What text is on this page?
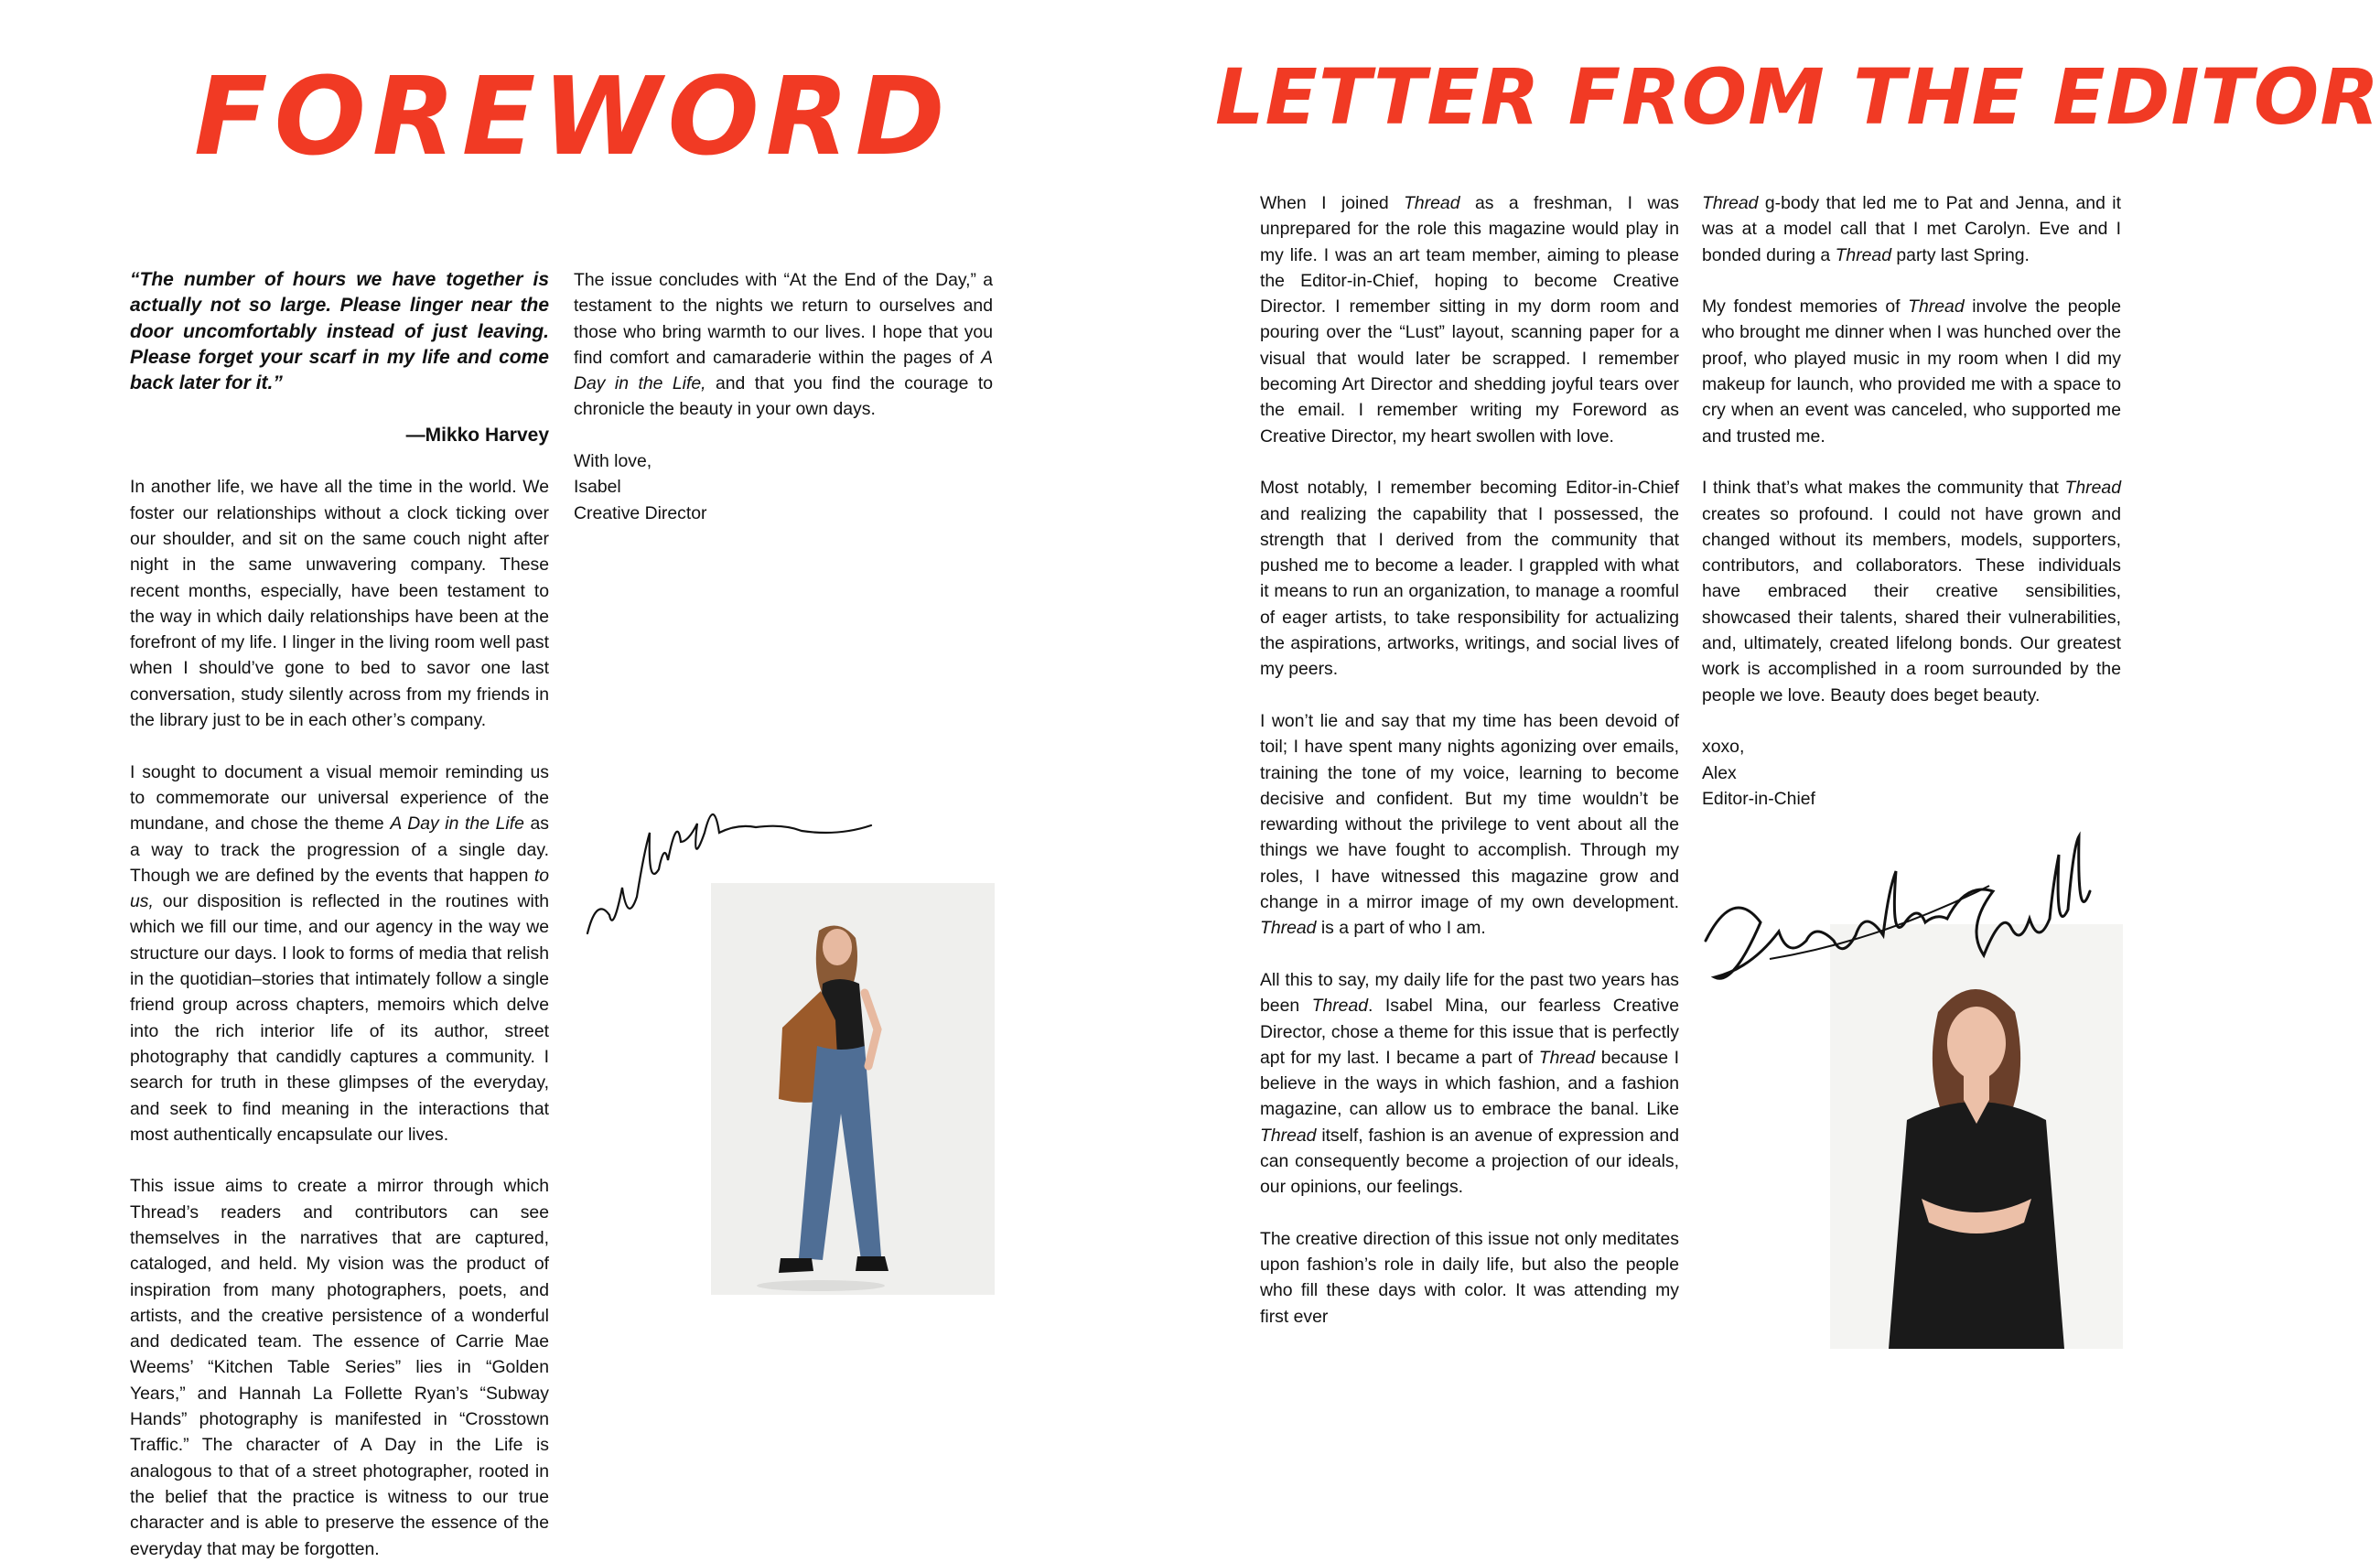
FOREWORD

“The number of hours we have together is actually not so large. Please linger near the door uncomfortably instead of just leaving. Please forget your scarf in my life and come back later for it.”

—Mikko Harvey

In another life, we have all the time in the world. We foster our relationships without a clock ticking over our shoulder, and sit on the same couch night after night in the same unwavering company. These recent months, especially, have been testament to the way in which daily relationships have been at the forefront of my life. I linger in the living room well past when I should’ve gone to bed to savor one last conversation, study silently across from my friends in the library just to be in each other’s company.

I sought to document a visual memoir reminding us to commemorate our universal experience of the mundane, and chose the theme A Day in the Life as a way to track the progression of a single day. Though we are defined by the events that happen to us, our disposition is reflected in the routines with which we fill our time, and our agency in the way we structure our days. I look to forms of media that relish in the quotidian–stories that intimately follow a single friend group across chapters, memoirs which delve into the rich interior life of its author, street photography that candidly captures a community. I search for truth in these glimpses of the everyday, and seek to find meaning in the interactions that most authentically encapsulate our lives.

This issue aims to create a mirror through which Thread’s readers and contributors can see themselves in the narratives that are captured, cataloged, and held. My vision was the product of inspiration from many photographers, poets, and artists, and the creative persistence of a wonderful and dedicated team. The essence of Carrie Mae Weems’ “Kitchen Table Series” lies in “Golden Years,” and Hannah La Follette Ryan’s “Subway Hands” photography is manifested in “Crosstown Traffic.” The character of A Day in the Life is analogous to that of a street photographer, rooted in the belief that the practice is witness to our true character and is able to preserve the essence of the everyday that may be forgotten.

The issue concludes with “At the End of the Day,” a testament to the nights we return to ourselves and those who bring warmth to our lives. I hope that you find comfort and camaraderie within the pages of A Day in the Life, and that you find the courage to chronicle the beauty in your own days.

With love,
Isabel
Creative Director

LETTER FROM THE EDITOR

When I joined Thread as a freshman, I was unprepared for the role this magazine would play in my life. I was an art team member, aiming to please the Editor-in-Chief, hoping to become Creative Director. I remember sitting in my dorm room and pouring over the “Lust” layout, scanning paper for a visual that would later be scrapped. I remember becoming Art Director and shedding joyful tears over the email. I remember writing my Foreword as Creative Director, my heart swollen with love.

Most notably, I remember becoming Editor-in-Chief and realizing the capability that I possessed, the strength that I derived from the community that pushed me to become a leader. I grappled with what it means to run an organization, to manage a roomful of eager artists, to take responsibility for actualizing the aspirations, artworks, writings, and social lives of my peers.

I won’t lie and say that my time has been devoid of toil; I have spent many nights agonizing over emails, training the tone of my voice, learning to become decisive and confident. But my time wouldn’t be rewarding without the privilege to vent about all the things we have fought to accomplish. Through my roles, I have witnessed this magazine grow and change in a mirror image of my own development. Thread is a part of who I am.

All this to say, my daily life for the past two years has been Thread. Isabel Mina, our fearless Creative Director, chose a theme for this issue that is perfectly apt for my last. I became a part of Thread because I believe in the ways in which fashion, and a fashion magazine, can allow us to embrace the banal. Like Thread itself, fashion is an avenue of expression and can consequently become a projection of our ideals, our opinions, our feelings.

The creative direction of this issue not only meditates upon fashion’s role in daily life, but also the people who fill these days with color. It was attending my first ever

Thread g-body that led me to Pat and Jenna, and it was at a model call that I met Carolyn. Eve and I bonded during a Thread party last Spring.

My fondest memories of Thread involve the people who brought me dinner when I was hunched over the proof, who played music in my room when I did my makeup for launch, who provided me with a space to cry when an event was canceled, who supported me and trusted me.

I think that’s what makes the community that Thread creates so profound. I could not have grown and changed without its members, models, supporters, contributors, and collaborators. These individuals have embraced their creative sensibilities, showcased their talents, shared their vulnerabilities, and, ultimately, created lifelong bonds. Our greatest work is accomplished in a room surrounded by the people we love. Beauty does beget beauty.

xoxo,
Alex
Editor-in-Chief
